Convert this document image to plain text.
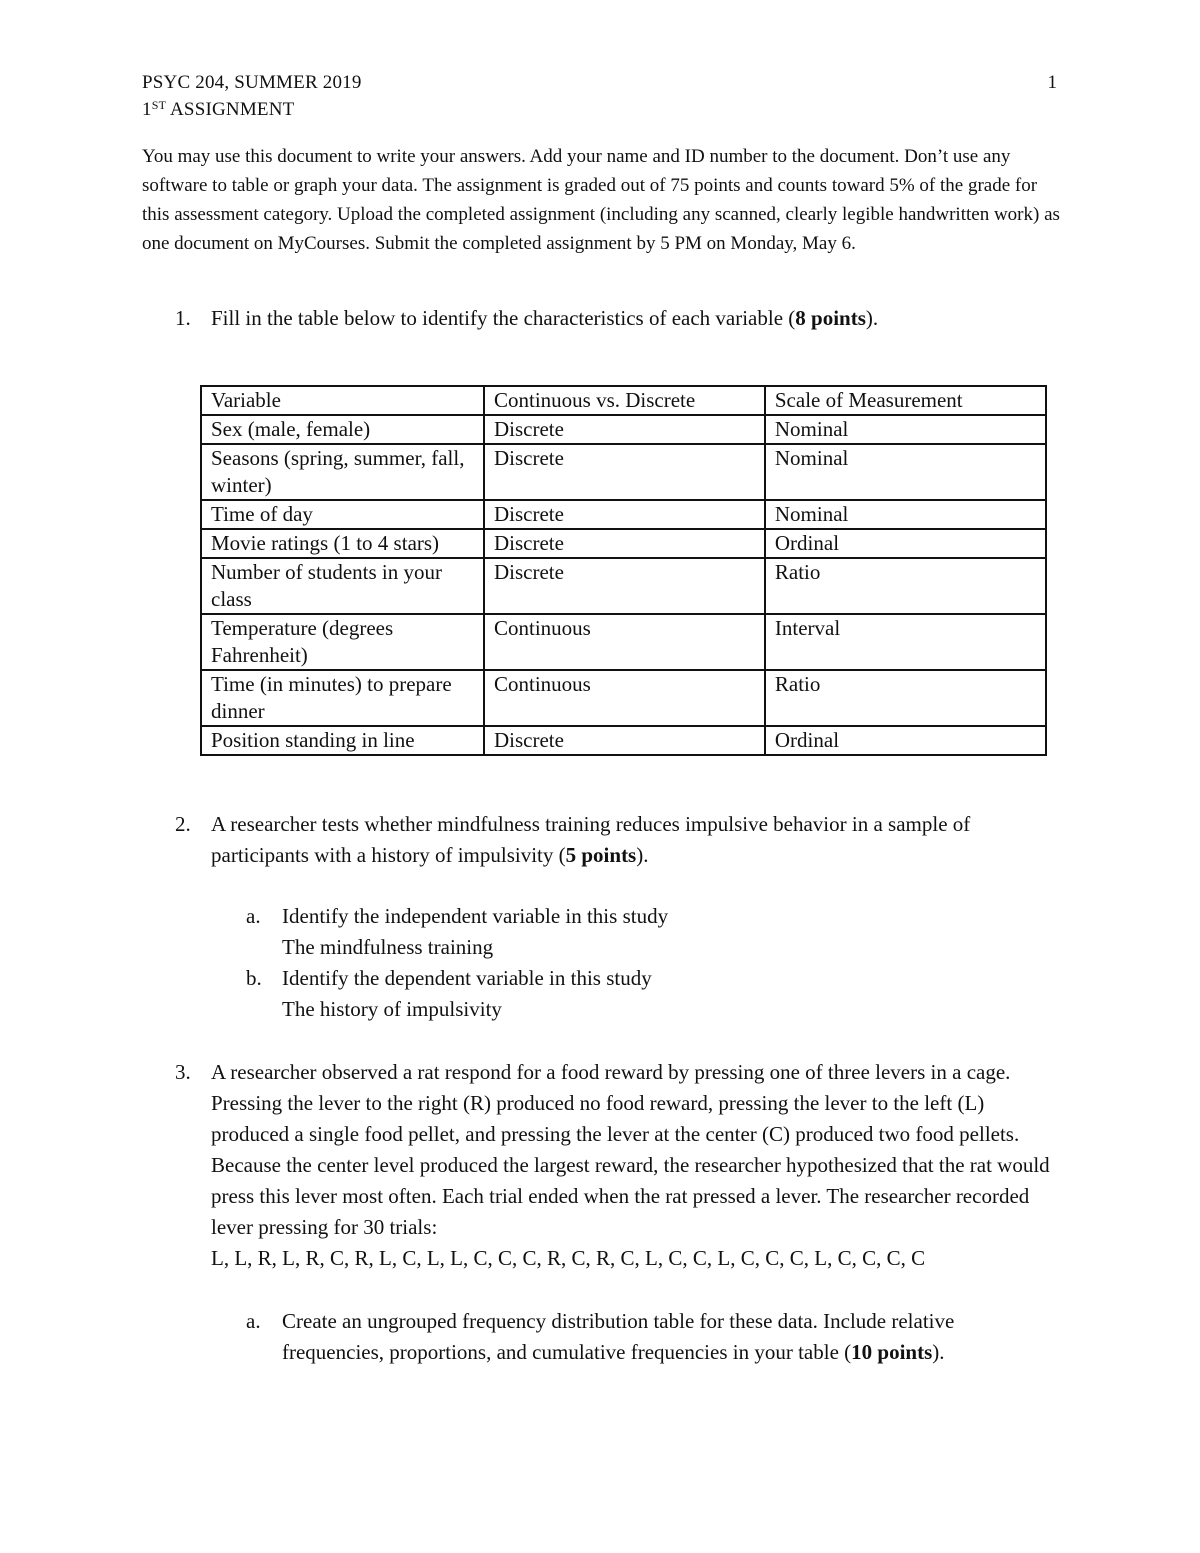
PSYC 204, SUMMER 2019	1
1ST ASSIGNMENT

You may use this document to write your answers. Add your name and ID number to the document. Don’t use any software to table or graph your data. The assignment is graded out of 75 points and counts toward 5% of the grade for this assessment category. Upload the completed assignment (including any scanned, clearly legible handwritten work) as one document on MyCourses. Submit the completed assignment by 5 PM on Monday, May 6.

1. Fill in the table below to identify the characteristics of each variable (8 points).

Variable	Continuous vs. Discrete	Scale of Measurement
Sex (male, female)	Discrete	Nominal
Seasons (spring, summer, fall, winter)	Discrete	Nominal
Time of day	Discrete	Nominal
Movie ratings (1 to 4 stars)	Discrete	Ordinal
Number of students in your class	Discrete	Ratio
Temperature (degrees Fahrenheit)	Continuous	Interval
Time (in minutes) to prepare dinner	Continuous	Ratio
Position standing in line	Discrete	Ordinal
2. A researcher tests whether mindfulness training reduces impulsive behavior in a sample of participants with a history of impulsivity (5 points).

a. Identify the independent variable in this study
The mindfulness training

b. Identify the dependent variable in this study
The history of impulsivity

3. A researcher observed a rat respond for a food reward by pressing one of three levers in a cage. Pressing the lever to the right (R) produced no food reward, pressing the lever to the left (L) produced a single food pellet, and pressing the lever at the center (C) produced two food pellets. Because the center level produced the largest reward, the researcher hypothesized that the rat would press this lever most often. Each trial ended when the rat pressed a lever. The researcher recorded lever pressing for 30 trials:
L, L, R, L, R, C, R, L, C, L, L, C, C, C, R, C, R, C, L, C, C, L, C, C, C, L, C, C, C, C

a. Create an ungrouped frequency distribution table for these data. Include relative frequencies, proportions, and cumulative frequencies in your table (10 points).
